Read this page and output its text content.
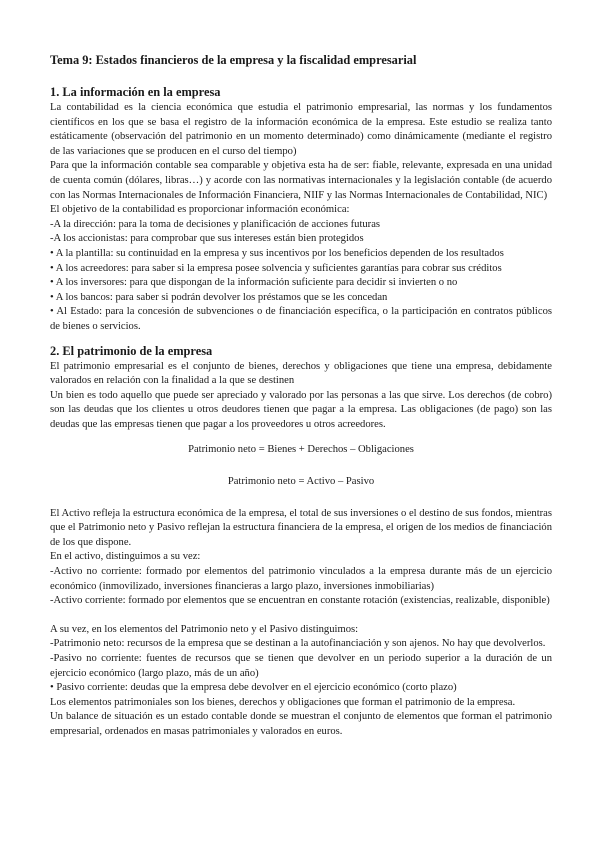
Tema 9: Estados financieros de la empresa y la fiscalidad empresarial
1. La información en la empresa

La contabilidad es la ciencia económica que estudia el patrimonio empresarial, las normas y los fundamentos científicos en los que se basa el registro de la información económica de la empresa. Este estudio se realiza tanto estáticamente (observación del patrimonio en un momento determinado) como dinámicamente (mediante el registro de las variaciones que se producen en el curso del tiempo)

Para que la información contable sea comparable y objetiva esta ha de ser: fiable, relevante, expresada en una unidad de cuenta común (dólares, libras…) y acorde con las normativas internacionales y la legislación contable (de acuerdo con las Normas Internacionales de Información Financiera, NIIF y las Normas Internacionales de Contabilidad, NIC)

El objetivo de la contabilidad es proporcionar información económica:

-A la dirección: para la toma de decisiones y planificación de acciones futuras
-A los accionistas: para comprobar que sus intereses están bien protegidos
• A la plantilla: su continuidad en la empresa y sus incentivos por los beneficios dependen de los resultados
• A los acreedores: para saber si la empresa posee solvencia y suficientes garantías para cobrar sus créditos
• A los inversores: para que dispongan de la información suficiente para decidir si invierten o no
• A los bancos: para saber si podrán devolver los préstamos que se les concedan
• Al Estado: para la concesión de subvenciones o de financiación específica, o la participación en contratos públicos de bienes o servicios.
2. El patrimonio de la empresa

El patrimonio empresarial es el conjunto de bienes, derechos y obligaciones que tiene una empresa, debidamente valorados en relación con la finalidad a la que se destinen

Un bien es todo aquello que puede ser apreciado y valorado por las personas a las que sirve. Los derechos (de cobro) son las deudas que los clientes u otros deudores tienen que pagar a la empresa. Las obligaciones (de pago) son las deudas que las empresas tienen que pagar a los proveedores u otros acreedores.

Patrimonio neto = Bienes + Derechos – Obligaciones

Patrimonio neto = Activo – Pasivo

El Activo refleja la estructura económica de la empresa, el total de sus inversiones o el destino de sus fondos, mientras que el Patrimonio neto y Pasivo reflejan la estructura financiera de la empresa, el origen de los medios de financiación de los que dispone.

En el activo, distinguimos a su vez:

-Activo no corriente: formado por elementos del patrimonio vinculados a la empresa durante más de un ejercicio económico (inmovilizado, inversiones financieras a largo plazo, inversiones inmobiliarias)

-Activo corriente: formado por elementos que se encuentran en constante rotación (existencias, realizable, disponible)

A su vez, en los elementos del Patrimonio neto y el Pasivo distinguimos:

-Patrimonio neto: recursos de la empresa que se destinan a la autofinanciación y son ajenos. No hay que devolverlos.

-Pasivo no corriente: fuentes de recursos que se tienen que devolver en un periodo superior a la duración de un ejercicio económico (largo plazo, más de un año)

• Pasivo corriente: deudas que la empresa debe devolver en el ejercicio económico (corto plazo)

Los elementos patrimoniales son los bienes, derechos y obligaciones que forman el patrimonio de la empresa.

Un balance de situación es un estado contable donde se muestran el conjunto de elementos que forman el patrimonio empresarial, ordenados en masas patrimoniales y valorados en euros.
